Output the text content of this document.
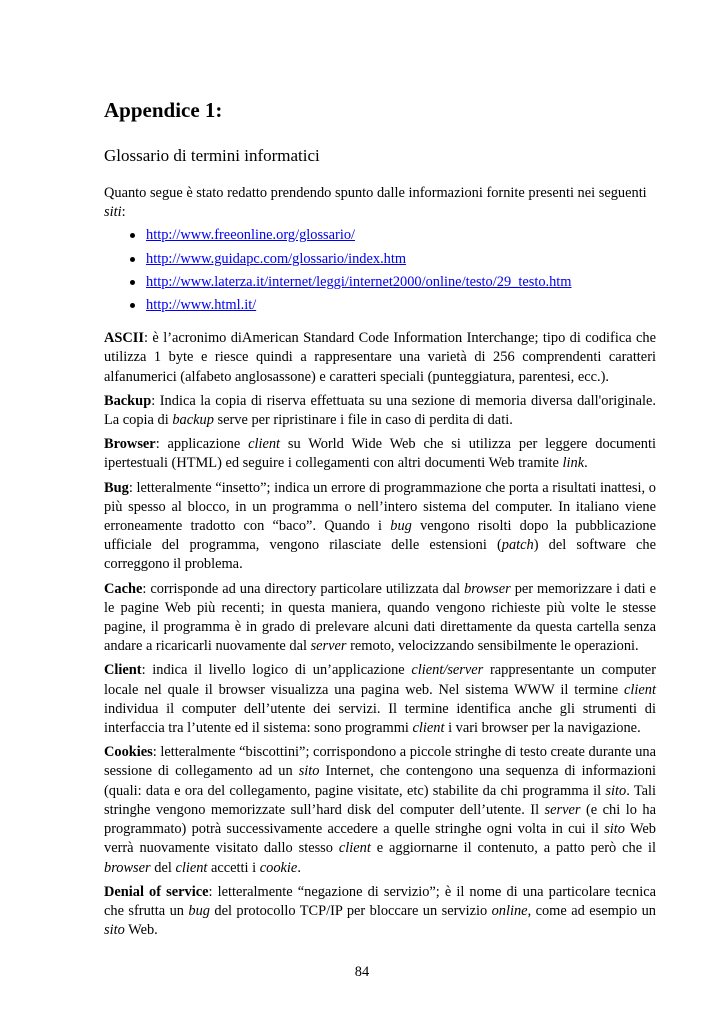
Appendice 1:
Glossario di termini informatici

Quanto segue è stato redatto prendendo spunto dalle informazioni fornite presenti nei seguenti siti:

http://www.freeonline.org/glossario/
http://www.guidapc.com/glossario/index.htm
http://www.laterza.it/internet/leggi/internet2000/online/testo/29_testo.htm
http://www.html.it/

ASCII: è l’acronimo diAmerican Standard Code Information Interchange; tipo di codifica che utilizza 1 byte e riesce quindi a rappresentare una varietà di 256 comprendenti caratteri alfanumerici (alfabeto anglosassone) e caratteri speciali (punteggiatura, parentesi, ecc.).

Backup: Indica la copia di riserva effettuata su una sezione di memoria diversa dall'originale. La copia di backup serve per ripristinare i file in caso di perdita di dati.

Browser: applicazione client su World Wide Web che si utilizza per leggere documenti ipertestuali (HTML) ed seguire i collegamenti con altri documenti Web tramite link.

Bug: letteralmente “insetto”; indica un errore di programmazione che porta a risultati inattesi, o più spesso al blocco, in un programma o nell’intero sistema del computer. In italiano viene erroneamente tradotto con “baco”. Quando i bug vengono risolti dopo la pubblicazione ufficiale del programma, vengono rilasciate delle estensioni (patch) del software che correggono il problema.

Cache: corrisponde ad una directory particolare utilizzata dal browser per memorizzare i dati e le pagine Web più recenti; in questa maniera, quando vengono richieste più volte le stesse pagine, il programma è in grado di prelevare alcuni dati direttamente da questa cartella senza andare a ricaricarli nuovamente dal server remoto, velocizzando sensibilmente le operazioni.

Client: indica il livello logico di un’applicazione client/server rappresentante un computer locale nel quale il browser visualizza una pagina web. Nel sistema WWW il termine client individua il computer dell’utente dei servizi. Il termine identifica anche gli strumenti di interfaccia tra l’utente ed il sistema: sono programmi client i vari browser per la navigazione.

Cookies: letteralmente “biscottini”; corrispondono a piccole stringhe di testo create durante una sessione di collegamento ad un sito Internet, che contengono una sequenza di informazioni (quali: data e ora del collegamento, pagine visitate, etc) stabilite da chi programma il sito. Tali stringhe vengono memorizzate sull’hard disk del computer dell’utente. Il server (e chi lo ha programmato) potrà successivamente accedere a quelle stringhe ogni volta in cui il sito Web verrà nuovamente visitato dallo stesso client e aggiornarne il contenuto, a patto però che il browser del client accetti i cookie.

Denial of service: letteralmente “negazione di servizio”; è il nome di una particolare tecnica che sfrutta un bug del protocollo TCP/IP per bloccare un servizio online, come ad esempio un sito Web.

84
